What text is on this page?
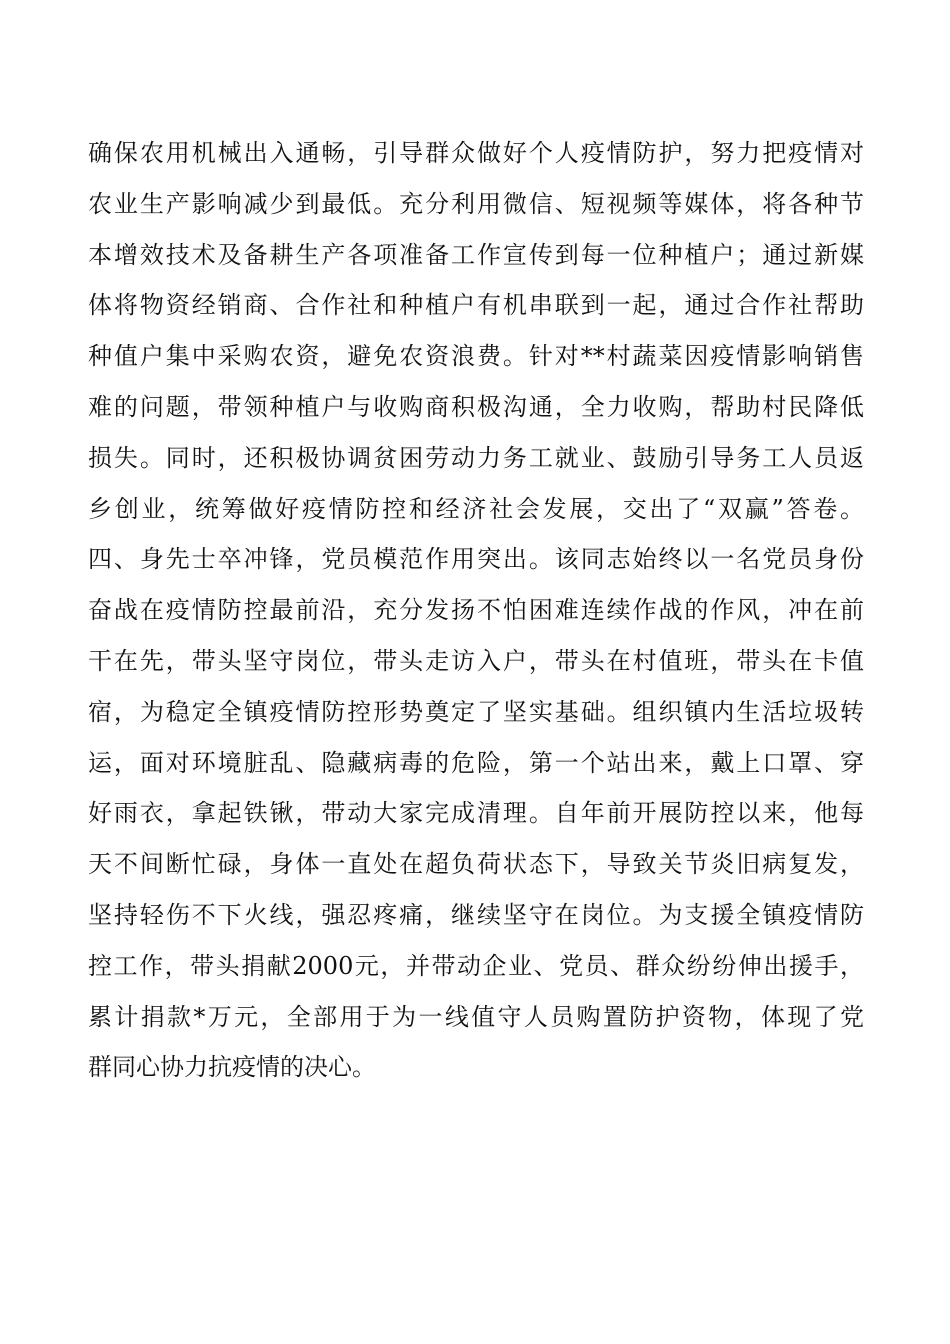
确保农用机械出入通畅，引导群众做好个人疫情防护，努力把疫情对
农业生产影响减少到最低。充分利用微信、短视频等媒体，将各种节
本增效技术及备耕生产各项准备工作宣传到每一位种植户；通过新媒
体将物资经销商、合作社和种植户有机串联到一起，通过合作社帮助
种值户集中采购农资，避免农资浪费。针对**村蔬菜因疫情影响销售
难的问题，带领种植户与收购商积极沟通，全力收购，帮助村民降低
损失。同时，还积极协调贫困劳动力务工就业、鼓励引导务工人员返
乡创业，统筹做好疫情防控和经济社会发展，交出了“双赢”答卷。
四、身先士卒冲锋，党员模范作用突出。该同志始终以一名党员身份
奋战在疫情防控最前沿，充分发扬不怕困难连续作战的作风，冲在前
干在先，带头坚守岗位，带头走访入户，带头在村值班，带头在卡值
宿，为稳定全镇疫情防控形势奠定了坚实基础。组织镇内生活垃圾转
运，面对环境脏乱、隐藏病毒的危险，第一个站出来，戴上口罩、穿
好雨衣，拿起铁锹，带动大家完成清理。自年前开展防控以来，他每
天不间断忙碌，身体一直处在超负荷状态下，导致关节炎旧病复发，
坚持轻伤不下火线，强忍疼痛，继续坚守在岗位。为支援全镇疫情防
控工作，带头捐献2000元，并带动企业、党员、群众纷纷伸出援手，
累计捐款*万元，全部用于为一线值守人员购置防护资物，体现了党
群同心协力抗疫情的决心。
